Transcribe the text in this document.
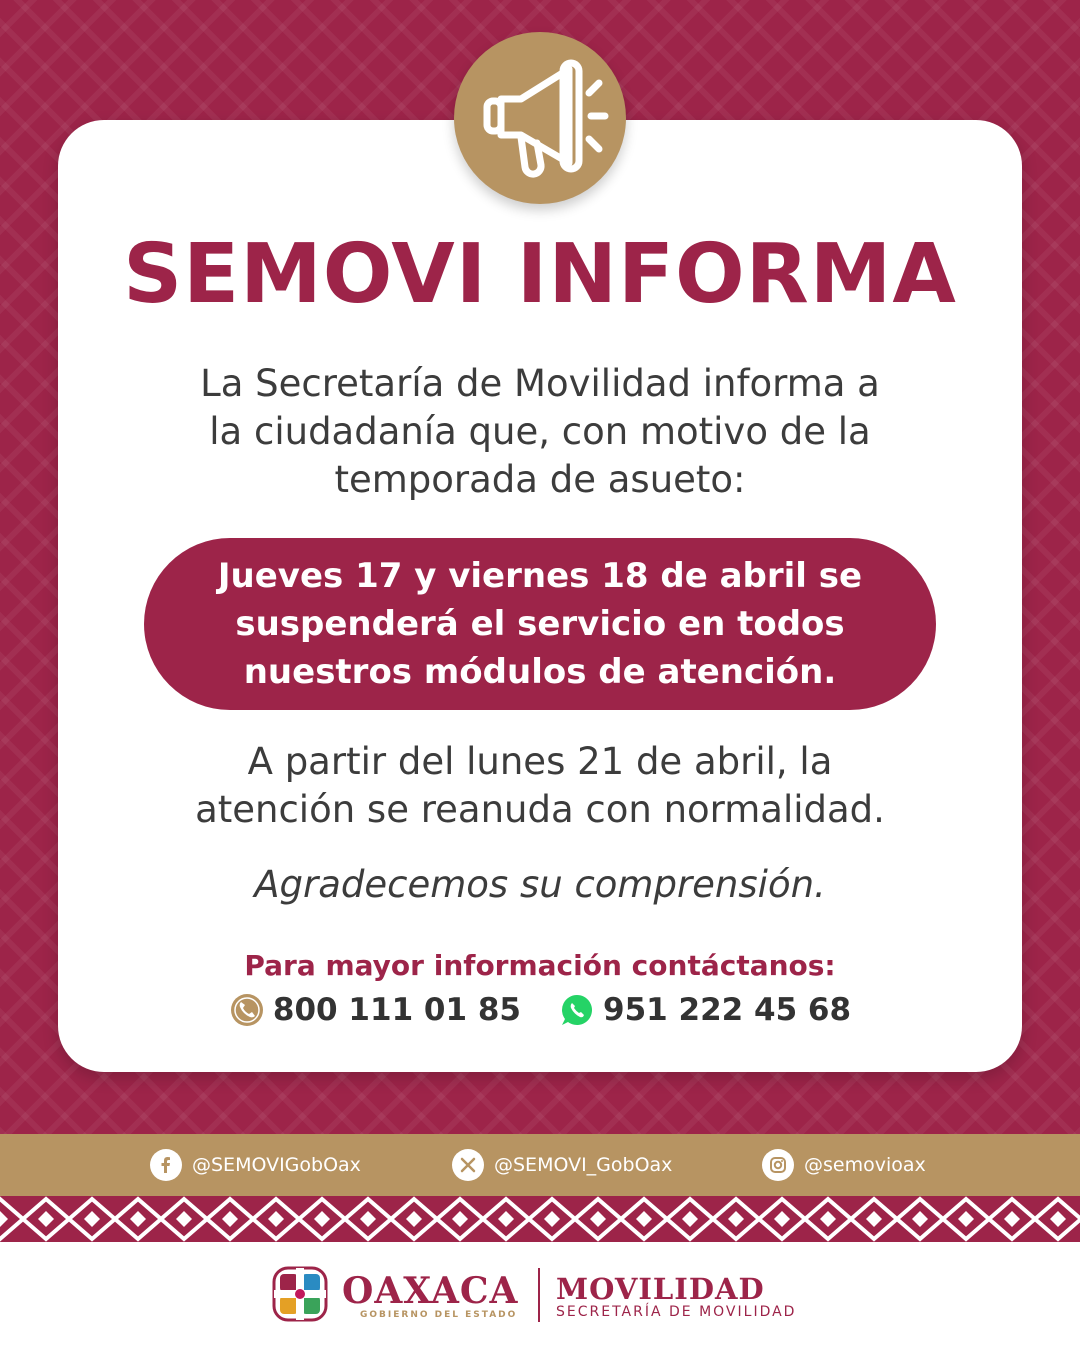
SEMOVI INFORMA
La Secretaría de Movilidad informa a
la ciudadanía que, con motivo de la
temporada de asueto:
Jueves 17 y viernes 18 de abril se
suspenderá el servicio en todos
nuestros módulos de atención.
A partir del lunes 21 de abril, la
atención se reanuda con normalidad.
Agradecemos su comprensión.
Para mayor información contáctanos:
800 111 01 85	951 222 45 68
@SEMOVIGobOax	@SEMOVI_GobOax	@semovioax
OAXACA
GOBIERNO DEL ESTADO
MOVILIDAD
SECRETARÍA DE MOVILIDAD
